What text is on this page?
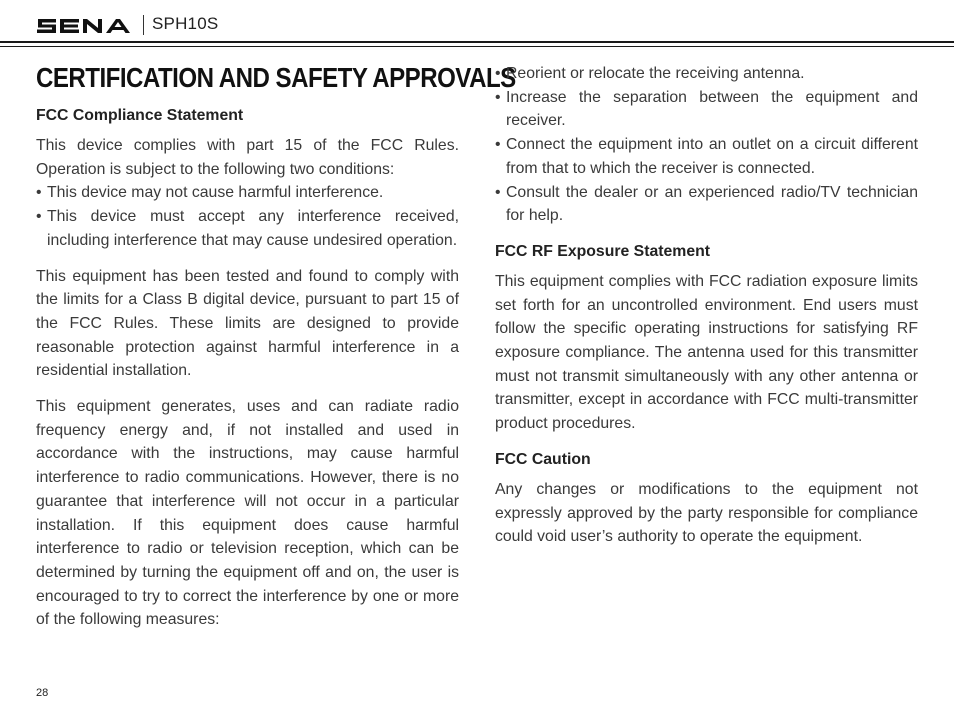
SPH10S
CERTIFICATION AND SAFETY APPROVALS
FCC Compliance Statement

This device complies with part 15 of the FCC Rules. Operation is subject to the following two conditions:

• This device may not cause harmful interference.
• This device must accept any interference received, including interference that may cause undesired operation.

This equipment has been tested and found to comply with the limits for a Class B digital device, pursuant to part 15 of the FCC Rules. These limits are designed to provide reasonable protection against harmful interference in a residential installation.

This equipment generates, uses and can radiate radio frequency energy and, if not installed and used in accordance with the instructions, may cause harmful interference to radio communications. However, there is no guarantee that interference will not occur in a particular installation. If this equipment does cause harmful interference to radio or television reception, which can be determined by turning the equipment off and on, the user is encouraged to try to correct the interference by one or more of the following measures:

• Reorient or relocate the receiving antenna.
• Increase the separation between the equipment and receiver.
• Connect the equipment into an outlet on a circuit different from that to which the receiver is connected.
• Consult the dealer or an experienced radio/TV technician for help.
FCC RF Exposure Statement

This equipment complies with FCC radiation exposure limits set forth for an uncontrolled environment. End users must follow the specific operating instructions for satisfying RF exposure compliance. The antenna used for this transmitter must not transmit simultaneously with any other antenna or transmitter, except in accordance with FCC multi-transmitter product procedures.

FCC Caution

Any changes or modifications to the equipment not expressly approved by the party responsible for compliance could void user’s authority to operate the equipment.

28
